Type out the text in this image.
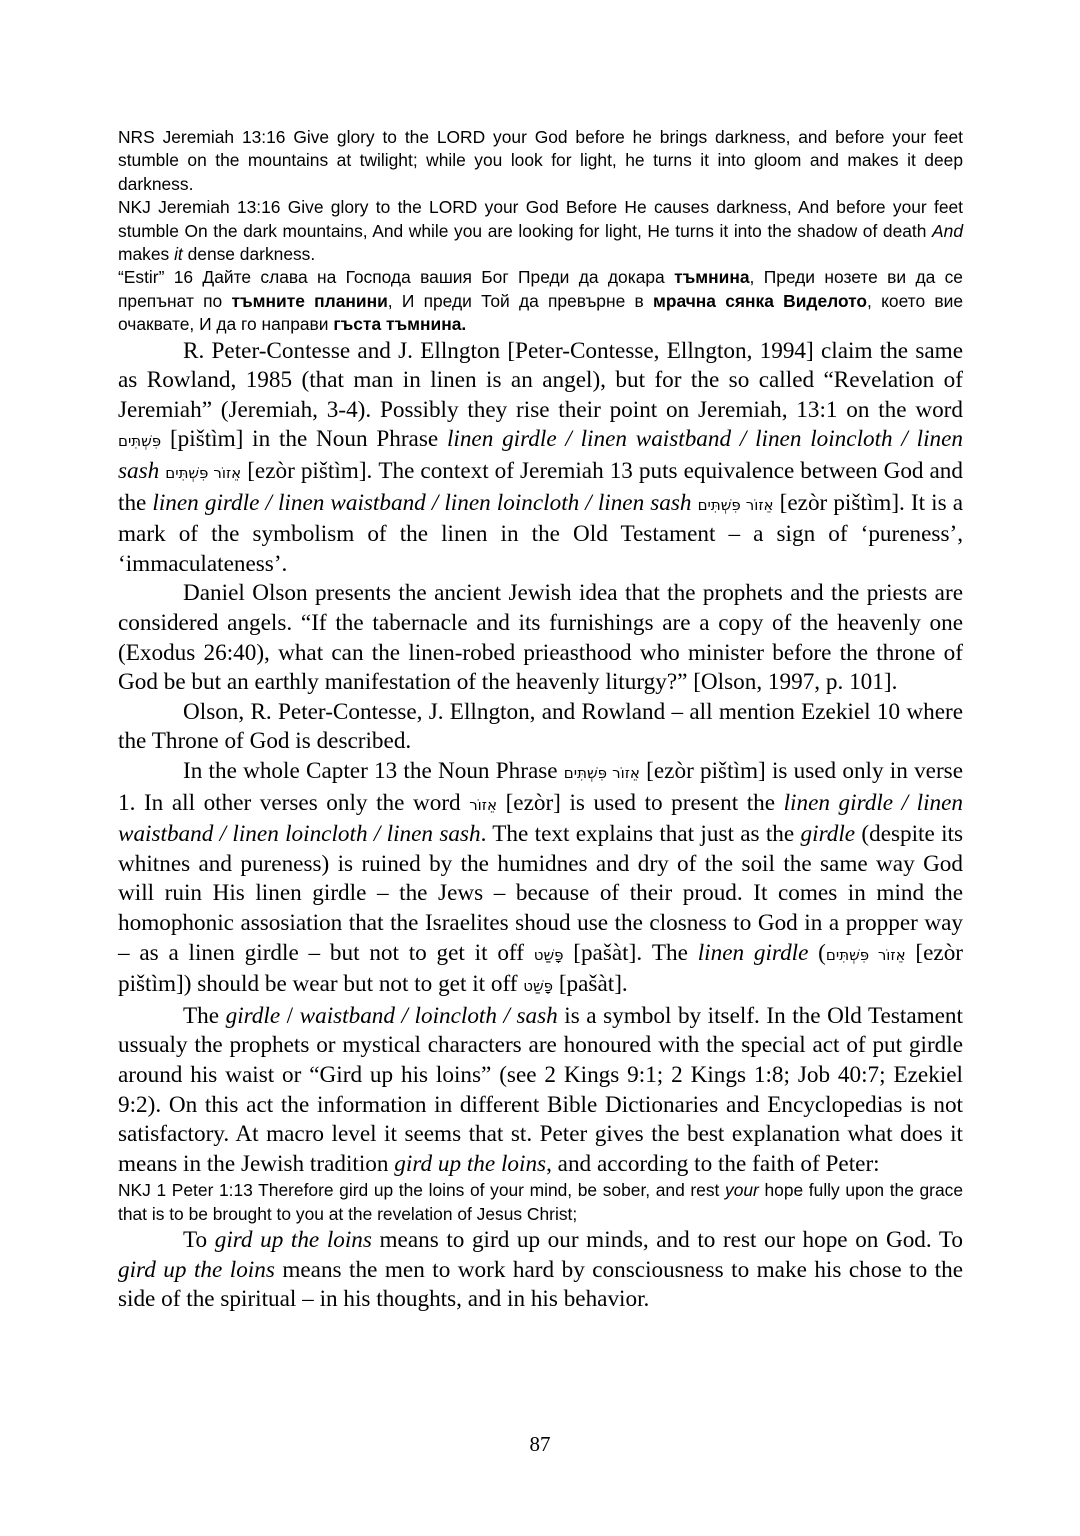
NRS Jeremiah 13:16 Give glory to the LORD your God before he brings darkness, and before your feet stumble on the mountains at twilight; while you look for light, he turns it into gloom and makes it deep darkness.

NKJ Jeremiah 13:16 Give glory to the LORD your God Before He causes darkness, And before your feet stumble On the dark mountains, And while you are looking for light, He turns it into the shadow of death And makes it dense darkness.

“Estir” 16 Дайте слава на Господа вашия Бог Преди да докара тъмнина, Преди нозете ви да се препънат по тъмните планини, И преди Той да превърне в мрачна сянка Виделото, което вие очаквате, И да го направи гъста тъмнина.

R. Peter-Contesse and J. Ellngton [Peter-Contesse, Ellngton, 1994] claim the same as Rowland, 1985 (that man in linen is an angel), but for the so called “Revelation of Jeremiah” (Jeremiah, 3-4). Possibly they rise their point on Jeremiah, 13:1 on the word פִּשְׁתִּים [pištìm] in the Noun Phrase linen girdle / linen waistband / linen loincloth / linen sash אֵזוֹר פִּשְׁתִּים [ezòr pištìm]. The context of Jeremiah 13 puts equivalence between God and the linen girdle / linen waistband / linen loincloth / linen sash אֵזוֹר פִּשְׁתִּים [ezòr pištìm]. It is a mark of the symbolism of the linen in the Old Testament – a sign of ‘pureness’, ‘immaculateness’.

Daniel Olson presents the ancient Jewish idea that the prophets and the priests are considered angels. “If the tabernacle and its furnishings are a copy of the heavenly one (Exodus 26:40), what can the linen-robed prieasthood who minister before the throne of God be but an earthly manifestation of the heavenly liturgy?” [Olson, 1997, p. 101].

Olson, R. Peter-Contesse, J. Ellngton, and Rowland – all mention Ezekiel 10 where the Throne of God is described.

In the whole Capter 13 the Noun Phrase אֵזוֹר פִּשְׁתִּים [ezòr pištìm] is used only in verse 1. In all other verses only the word אֵזוֹר [ezòr] is used to present the linen girdle / linen waistband / linen loincloth / linen sash. The text explains that just as the girdle (despite its whitnes and pureness) is ruined by the humidnes and dry of the soil the same way God will ruin His linen girdle – the Jews – because of their proud. It comes in mind the homophonic assosiation that the Israelites shoud use the closness to God in a propper way – as a linen girdle – but not to get it off פָּשַׁט [pašàt]. The linen girdle (אֵזוֹר פִּשְׁתִּים [ezòr pištìm]) should be wear but not to get it off פָּשַׁט [pašàt].

The girdle / waistband / loincloth / sash is a symbol by itself. In the Old Testament ussualy the prophets or mystical characters are honoured with the special act of put girdle around his waist or “Gird up his loins” (see 2 Kings 9:1; 2 Kings 1:8; Job 40:7; Ezekiel 9:2). On this act the information in different Bible Dictionaries and Encyclopedias is not satisfactory. At macro level it seems that st. Peter gives the best explanation what does it means in the Jewish tradition gird up the loins, and according to the faith of Peter:

NKJ 1 Peter 1:13 Therefore gird up the loins of your mind, be sober, and rest your hope fully upon the grace that is to be brought to you at the revelation of Jesus Christ;

To gird up the loins means to gird up our minds, and to rest our hope on God. To gird up the loins means the men to work hard by consciousness to make his chose to the side of the spiritual – in his thoughts, and in his behavior.

87
